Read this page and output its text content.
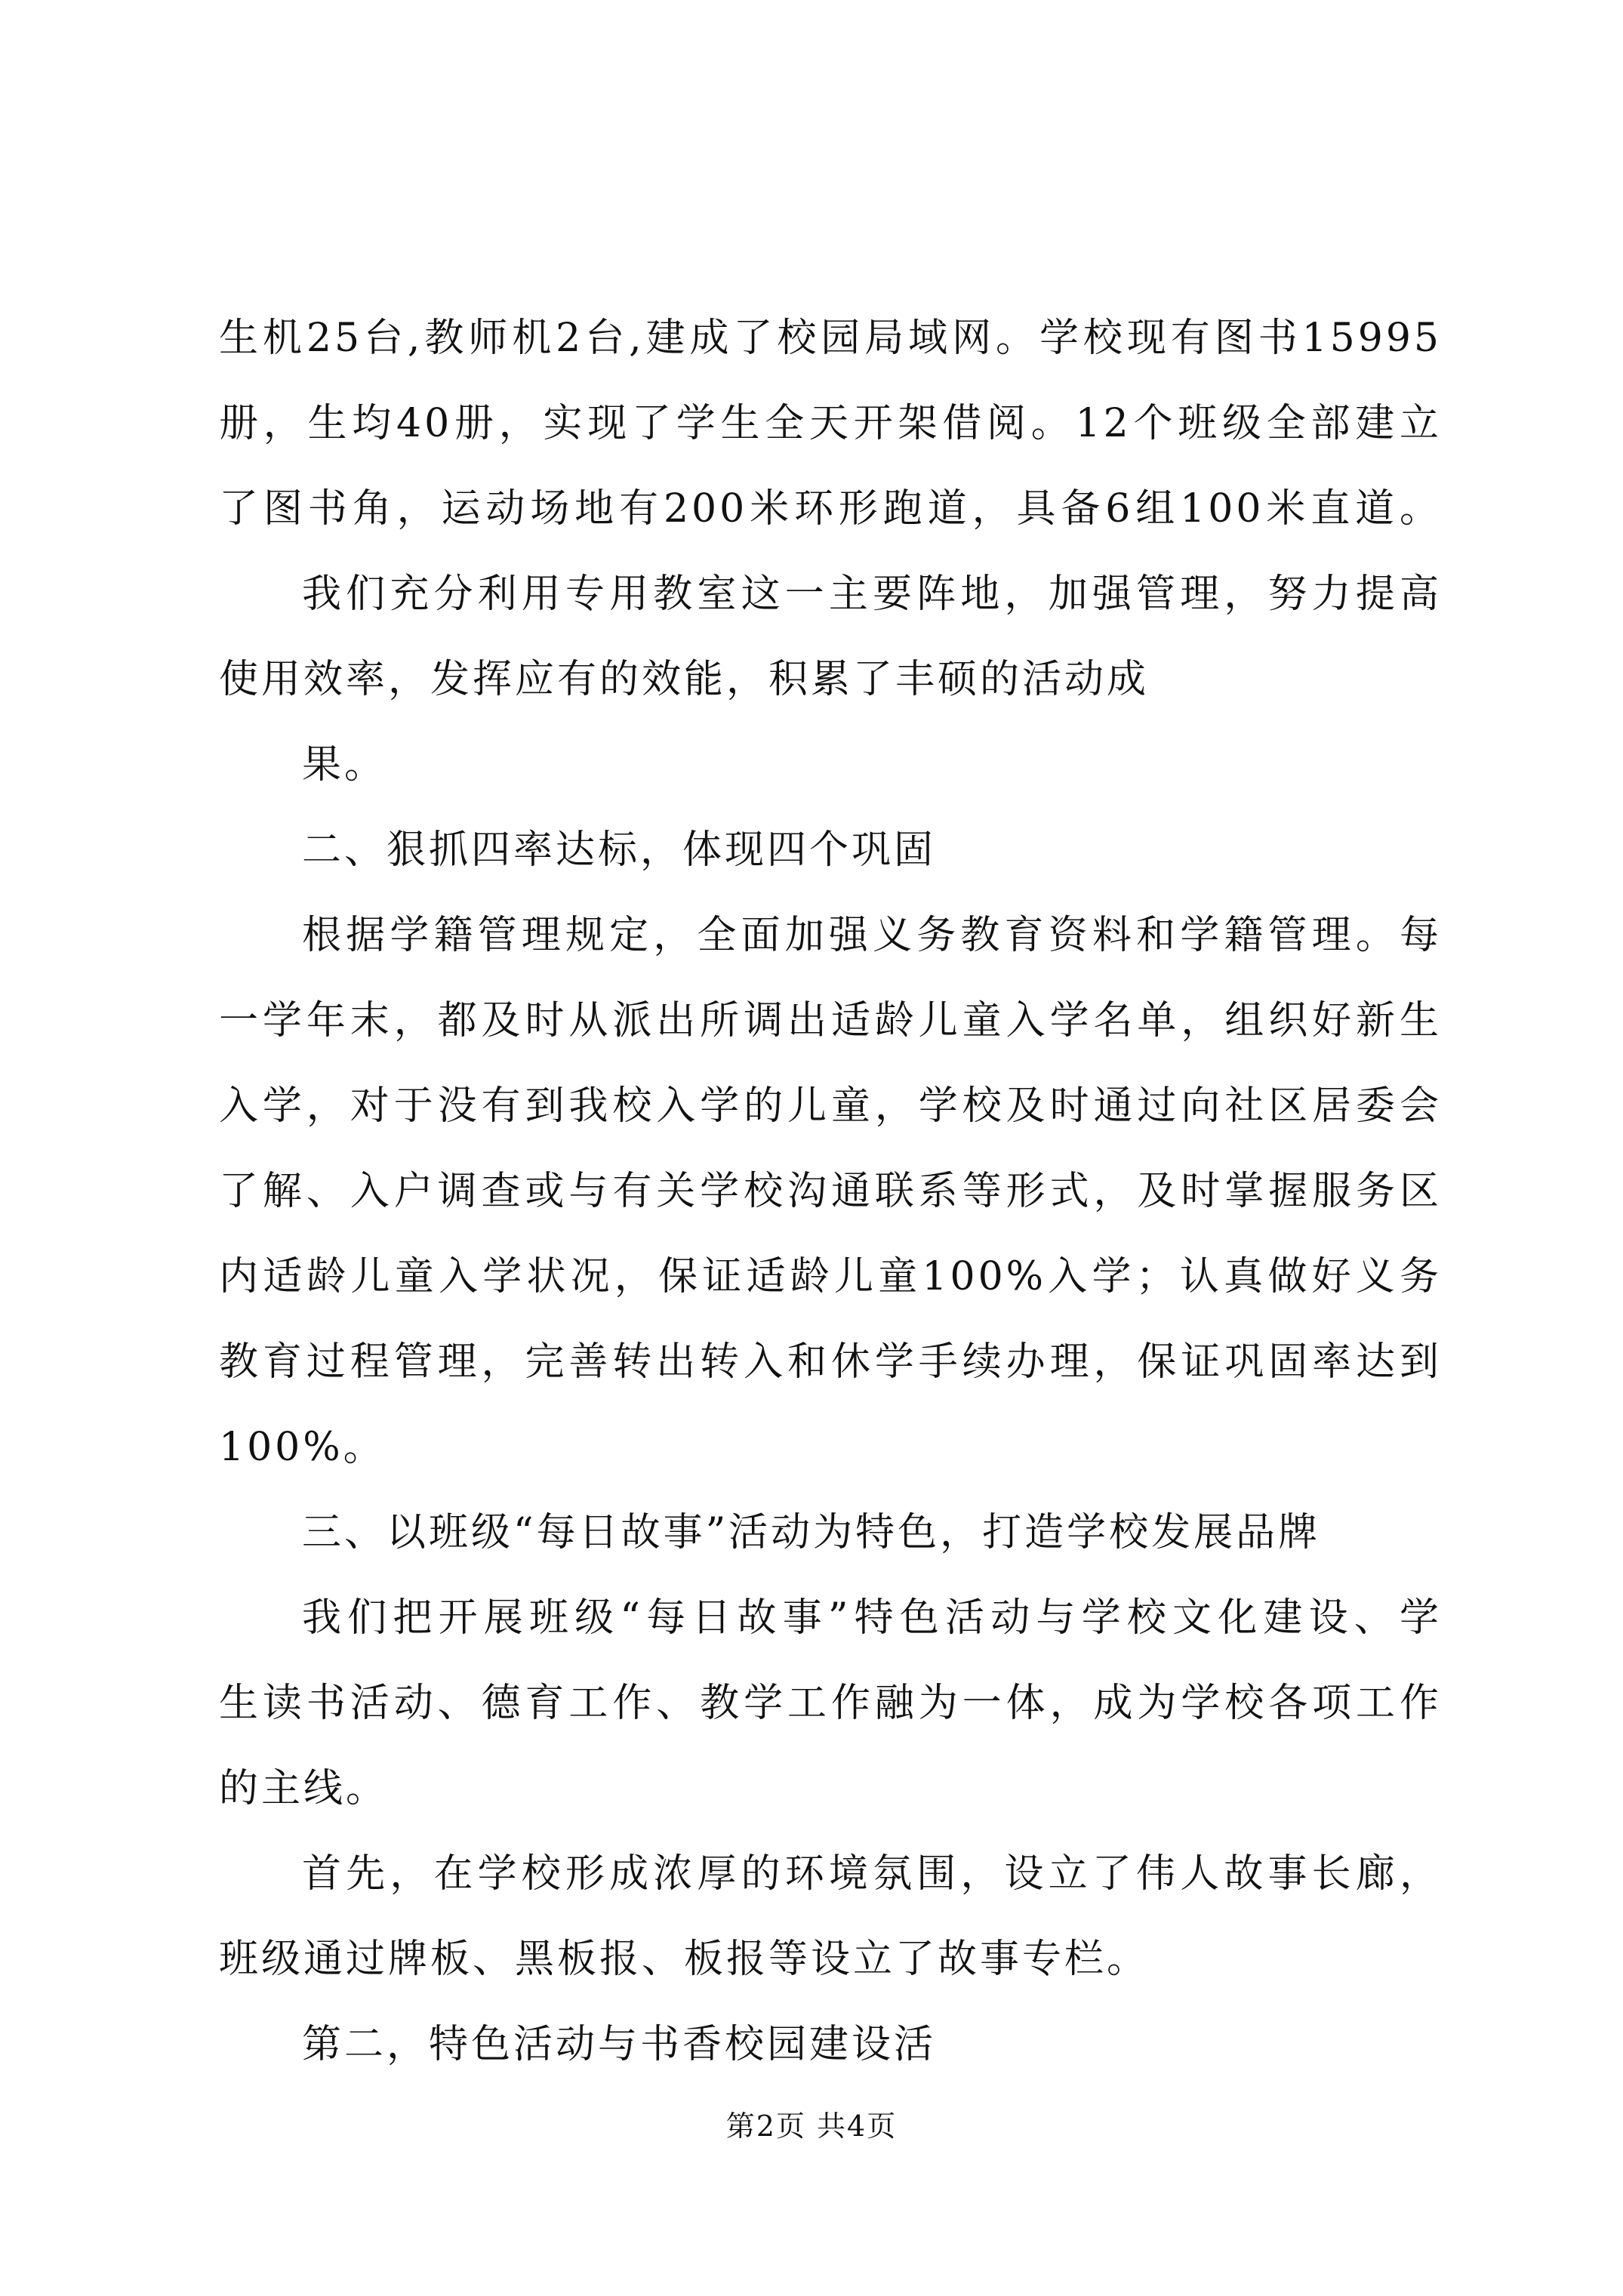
生机25台,教师机2台,建成了校园局域网。学校现有图书15995
册，生均40册，实现了学生全天开架借阅。12个班级全部建立
了图书角，运动场地有200米环形跑道，具备6组100米直道。
我们充分利用专用教室这一主要阵地，加强管理，努力提高
使用效率，发挥应有的效能，积累了丰硕的活动成
果。
二、狠抓四率达标，体现四个巩固
根据学籍管理规定，全面加强义务教育资料和学籍管理。每
一学年末，都及时从派出所调出适龄儿童入学名单，组织好新生
入学，对于没有到我校入学的儿童，学校及时通过向社区居委会
了解、入户调查或与有关学校沟通联系等形式，及时掌握服务区
内适龄儿童入学状况，保证适龄儿童100%入学；认真做好义务
教育过程管理，完善转出转入和休学手续办理，保证巩固率达到
100%。
三、以班级“每日故事”活动为特色，打造学校发展品牌
我们把开展班级“每日故事”特色活动与学校文化建设、学
生读书活动、德育工作、教学工作融为一体，成为学校各项工作
的主线。
首先，在学校形成浓厚的环境氛围，设立了伟人故事长廊，
班级通过牌板、黑板报、板报等设立了故事专栏。
第二，特色活动与书香校园建设活
第2页 共4页
